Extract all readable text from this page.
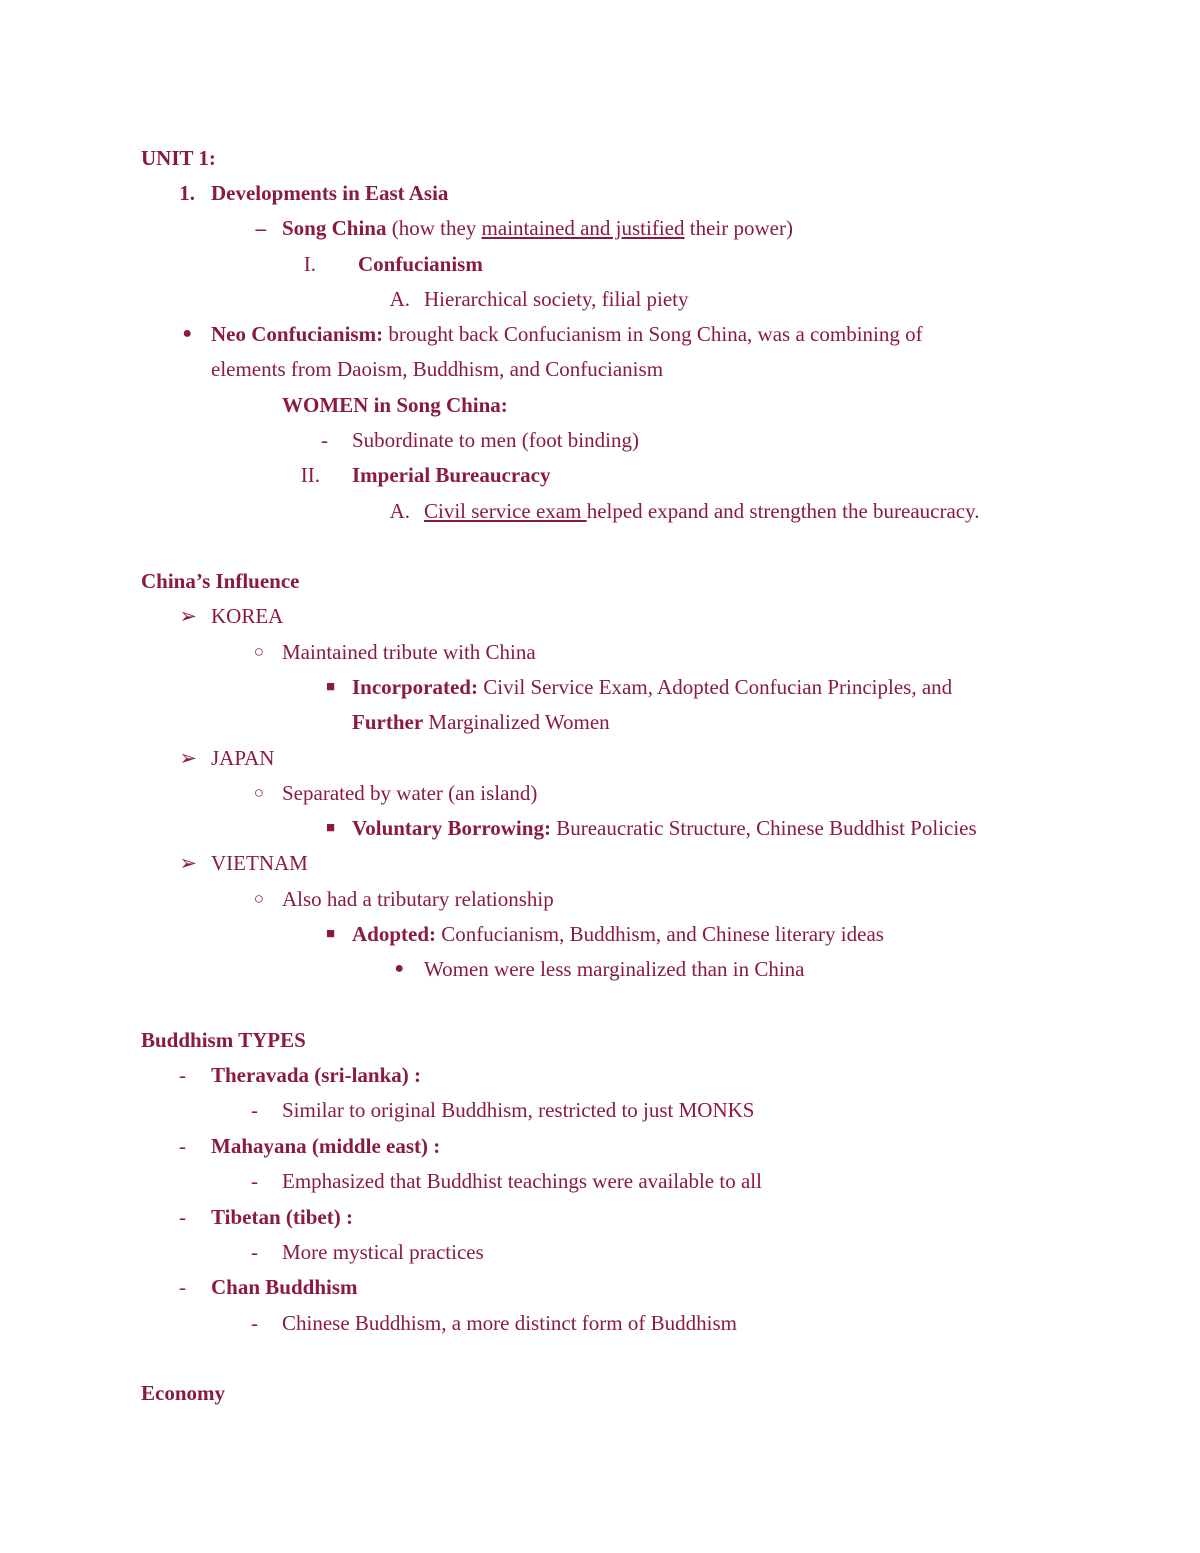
UNIT 1:
1. Developments in East Asia
– Song China (how they maintained and justified their power)
I. Confucianism
A. Hierarchical society, filial piety
● Neo Confucianism: brought back Confucianism in Song China, was a combining of
elements from Daoism, Buddhism, and Confucianism
WOMEN in Song China:
- Subordinate to men (foot binding)
II. Imperial Bureaucracy
A. Civil service exam helped expand and strengthen the bureaucracy.
China’s Influence
➢ KOREA
○ Maintained tribute with China
■ Incorporated: Civil Service Exam, Adopted Confucian Principles, and
Further Marginalized Women
➢ JAPAN
○ Separated by water (an island)
■ Voluntary Borrowing: Bureaucratic Structure, Chinese Buddhist Policies
➢ VIETNAM
○ Also had a tributary relationship
■ Adopted: Confucianism, Buddhism, and Chinese literary ideas
● Women were less marginalized than in China
Buddhism TYPES
- Theravada (sri-lanka) :
- Similar to original Buddhism, restricted to just MONKS
- Mahayana (middle east) :
- Emphasized that Buddhist teachings were available to all
- Tibetan (tibet) :
- More mystical practices
- Chan Buddhism
- Chinese Buddhism, a more distinct form of Buddhism
Economy
